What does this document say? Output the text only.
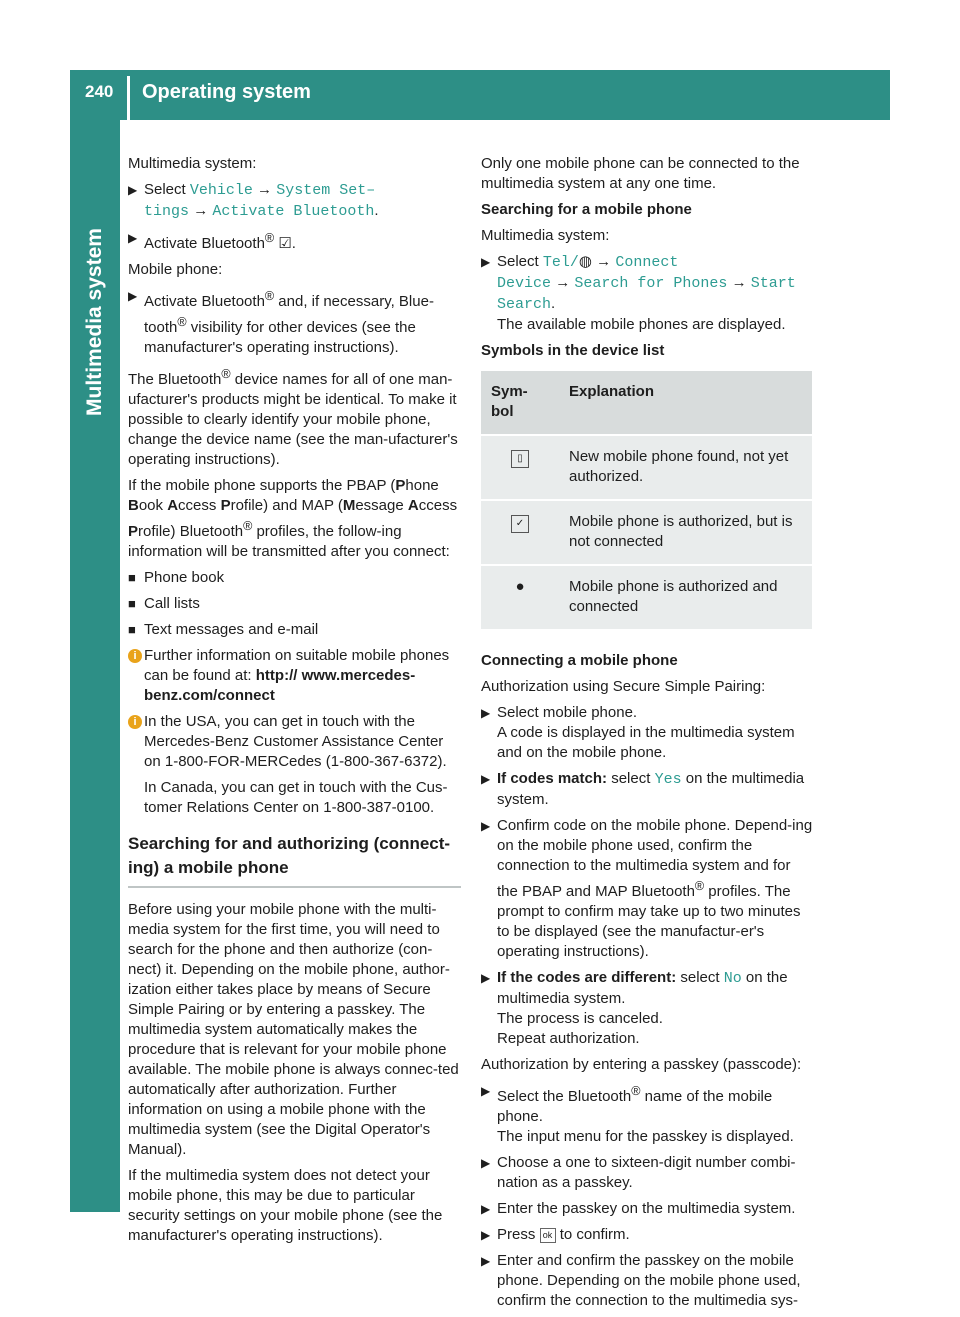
240 Operating system
Multimedia system

Multimedia system:

▶ Select Vehicle → System Set–
tings → Activate Bluetooth.
▶ Activate Bluetooth® ☑.

Mobile phone:

▶ Activate Bluetooth® and, if necessary, Blue- tooth® visibility for other devices (see the manufacturer's operating instructions).

The Bluetooth® device names for all of one man-ufacturer's products might be identical. To make it possible to clearly identify your mobile phone, change the device name (see the man-ufacturer's operating instructions).

If the mobile phone supports the PBAP (Phone Book Access Profile) and MAP (Message Access Profile) Bluetooth® profiles, the follow-ing information will be transmitted after you connect:

■ Phone book
■ Call lists
■ Text messages and e-mail
i Further information on suitable mobile phones can be found at: http:// www.mercedes-benz.com/connect
i In the USA, you can get in touch with the Mercedes-Benz Customer Assistance Center on 1-800-FOR-MERCedes (1-800-367-6372).

In Canada, you can get in touch with the Cus-tomer Relations Center on 1-800-387-0100.

Searching for and authorizing (connect-ing) a mobile phone

Before using your mobile phone with the multi-media system for the first time, you will need to search for the phone and then authorize (con-nect) it. Depending on the mobile phone, author-ization either takes place by means of Secure Simple Pairing or by entering a passkey. The multimedia system automatically makes the procedure that is relevant for your mobile phone available. The mobile phone is always connec-ted automatically after authorization. Further information on using a mobile phone with the multimedia system (see the Digital Operator's Manual).

If the multimedia system does not detect your mobile phone, this may be due to particular security settings on your mobile phone (see the manufacturer's operating instructions).

Only one mobile phone can be connected to the multimedia system at any one time.

Searching for a mobile phone

Multimedia system:

▶ Select Tel/◍ → Connect
Device → Search for Phones → Start
Search.
The available mobile phones are displayed.

Symbols in the device list

Sym-
bol	Explanation
▯	New mobile phone found, not yet authorized.
✓	Mobile phone is authorized, but is not connected
●	Mobile phone is authorized and connected

Connecting a mobile phone

Authorization using Secure Simple Pairing:

▶ Select mobile phone.
A code is displayed in the multimedia system and on the mobile phone.
▶ If codes match: select Yes on the multimedia system.
▶ Confirm code on the mobile phone. Depend-ing on the mobile phone used, confirm the connection to the multimedia system and for the PBAP and MAP Bluetooth® profiles. The prompt to confirm may take up to two minutes to be displayed (see the manufactur-er's operating instructions).
▶ If the codes are different: select No on the multimedia system.
The process is canceled.
Repeat authorization.

Authorization by entering a passkey (passcode):

▶ Select the Bluetooth® name of the mobile phone.
The input menu for the passkey is displayed.
▶ Choose a one to sixteen-digit number combi-nation as a passkey.
▶ Enter the passkey on the multimedia system.
▶ Press ok to confirm.
▶ Enter and confirm the passkey on the mobile phone. Depending on the mobile phone used, confirm the connection to the multimedia sys-
